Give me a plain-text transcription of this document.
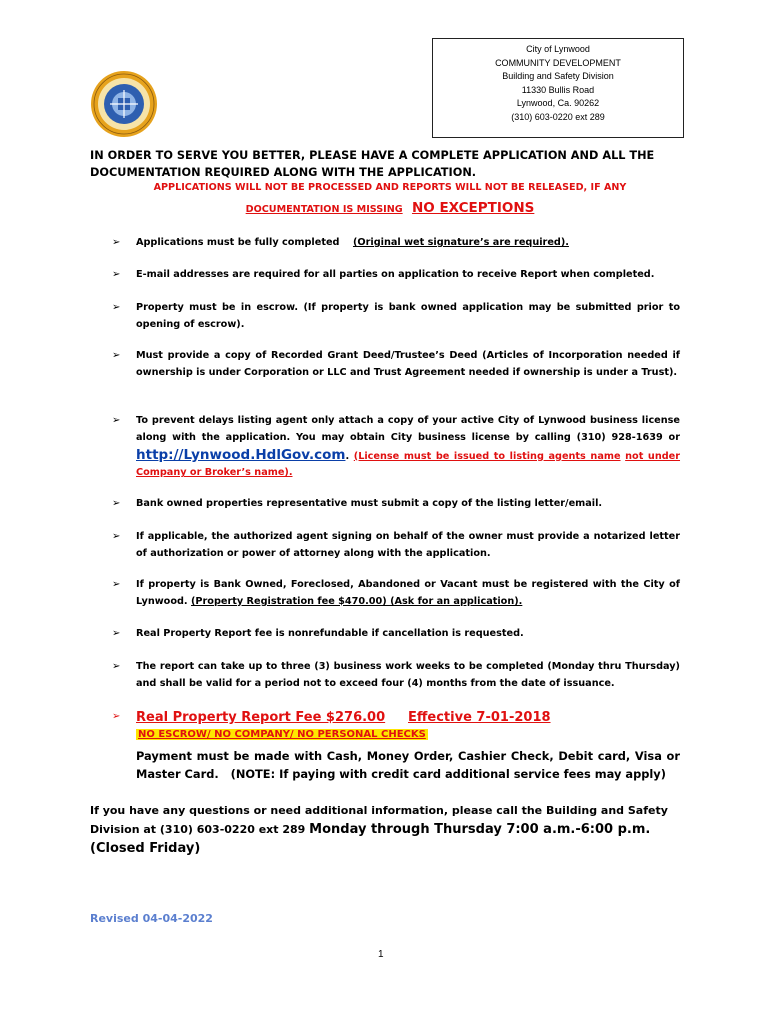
City of Lynwood
COMMUNITY DEVELOPMENT
Building and Safety Division
11330 Bullis Road
Lynwood, Ca. 90262
(310) 603-0220 ext 289
IN ORDER TO SERVE YOU BETTER, PLEASE HAVE A COMPLETE APPLICATION AND ALL THE DOCUMENTATION REQUIRED ALONG WITH THE APPLICATION.
APPLICATIONS WILL NOT BE PROCESSED AND REPORTS WILL NOT BE RELEASED, IF ANY
DOCUMENTATION IS MISSING NO EXCEPTIONS
➢	Applications must be fully completed (Original wet signature’s are required).
➢	E-mail addresses are required for all parties on application to receive Report when completed.
➢	Property must be in escrow. (If property is bank owned application may be submitted prior to opening of escrow).
➢	Must provide a copy of Recorded Grant Deed/Trustee’s Deed (Articles of Incorporation needed if ownership is under Corporation or LLC and Trust Agreement needed if ownership is under a Trust).
➢	To prevent delays listing agent only attach a copy of your active City of Lynwood business license along with the application. You may obtain City business license by calling (310) 928-1639 or http://Lynwood.HdlGov.com. (License must be issued to listing agents name not under Company or Broker’s name).
➢	Bank owned properties representative must submit a copy of the listing letter/email.
➢	If applicable, the authorized agent signing on behalf of the owner must provide a notarized letter of authorization or power of attorney along with the application.
➢	If property is Bank Owned, Foreclosed, Abandoned or Vacant must be registered with the City of Lynwood. (Property Registration fee $470.00) (Ask for an application).
➢	Real Property Report fee is nonrefundable if cancellation is requested.
➢	The report can take up to three (3) business work weeks to be completed (Monday thru Thursday) and shall be valid for a period not to exceed four (4) months from the date of issuance.
➢ Real Property Report Fee $276.00 Effective 7-01-2018
NO ESCROW/ NO COMPANY/ NO PERSONAL CHECKS
Payment must be made with Cash, Money Order, Cashier Check, Debit card, Visa or Master Card. (NOTE: If paying with credit card additional service fees may apply)
If you have any questions or need additional information, please call the Building and Safety Division at (310) 603-0220 ext 289 Monday through Thursday 7:00 a.m.-6:00 p.m. (Closed Friday)
Revised 04-04-2022
1
